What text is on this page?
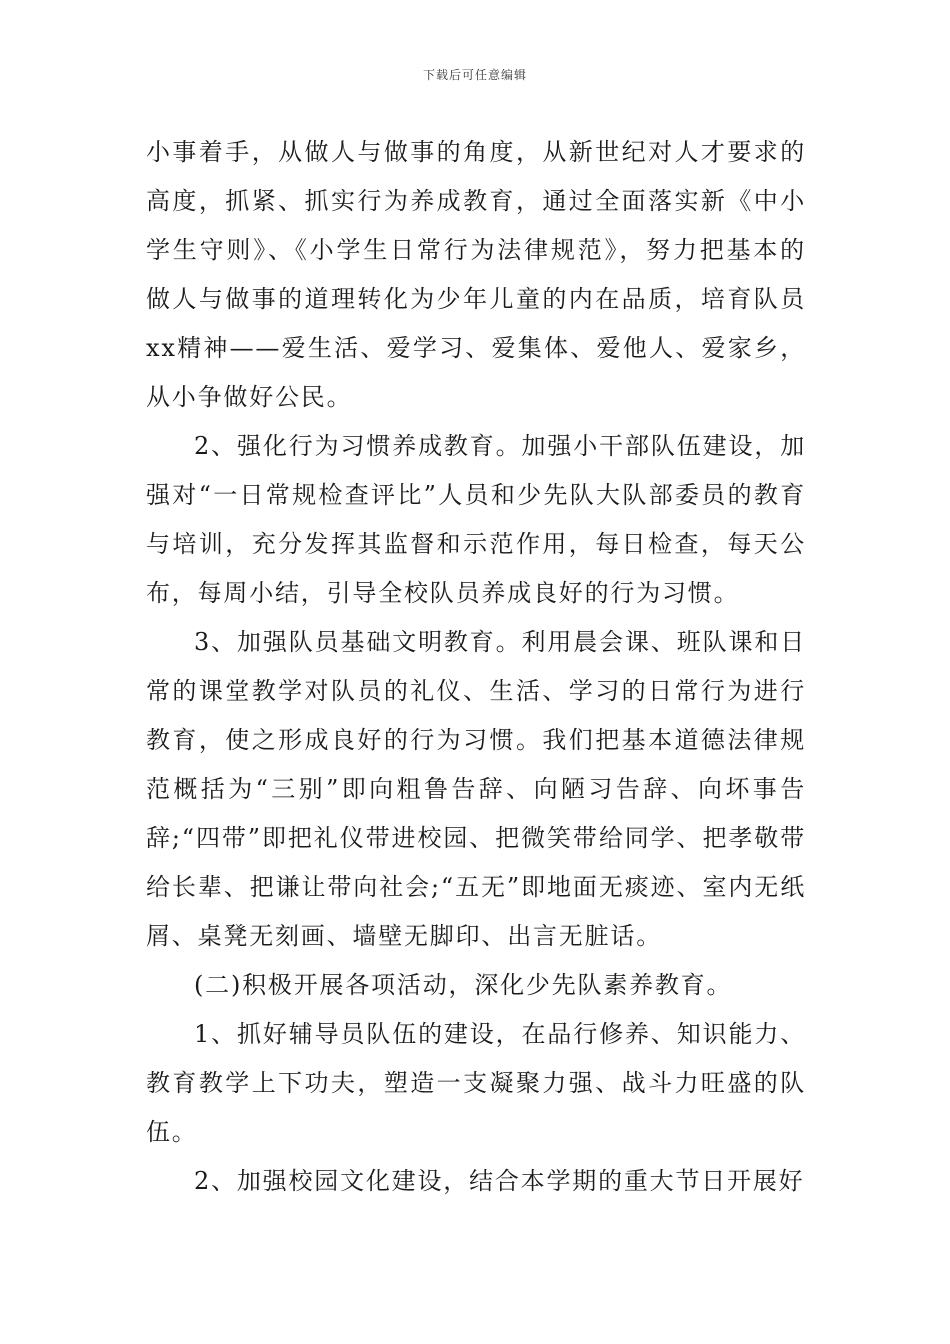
下载后可任意编辑

小事着手，从做人与做事的角度，从新世纪对人才要求的高度，抓紧、抓实行为养成教育，通过全面落实新《中小学生守则》、《小学生日常行为法律规范》，努力把基本的做人与做事的道理转化为少年儿童的内在品质，培育队员xx精神——爱生活、爱学习、爱集体、爱他人、爱家乡，从小争做好公民。

2、强化行为习惯养成教育。加强小干部队伍建设，加强对“一日常规检查评比”人员和少先队大队部委员的教育与培训，充分发挥其监督和示范作用，每日检查，每天公布，每周小结，引导全校队员养成良好的行为习惯。

3、加强队员基础文明教育。利用晨会课、班队课和日常的课堂教学对队员的礼仪、生活、学习的日常行为进行教育，使之形成良好的行为习惯。我们把基本道德法律规范概括为“三别”即向粗鲁告辞、向陋习告辞、向坏事告辞;“四带”即把礼仪带进校园、把微笑带给同学、把孝敬带给长辈、把谦让带向社会;“五无”即地面无痰迹、室内无纸屑、桌凳无刻画、墙壁无脚印、出言无脏话。

(二)积极开展各项活动，深化少先队素养教育。

1、抓好辅导员队伍的建设，在品行修养、知识能力、教育教学上下功夫，塑造一支凝聚力强、战斗力旺盛的队伍。

2、加强校园文化建设，结合本学期的重大节日开展好
